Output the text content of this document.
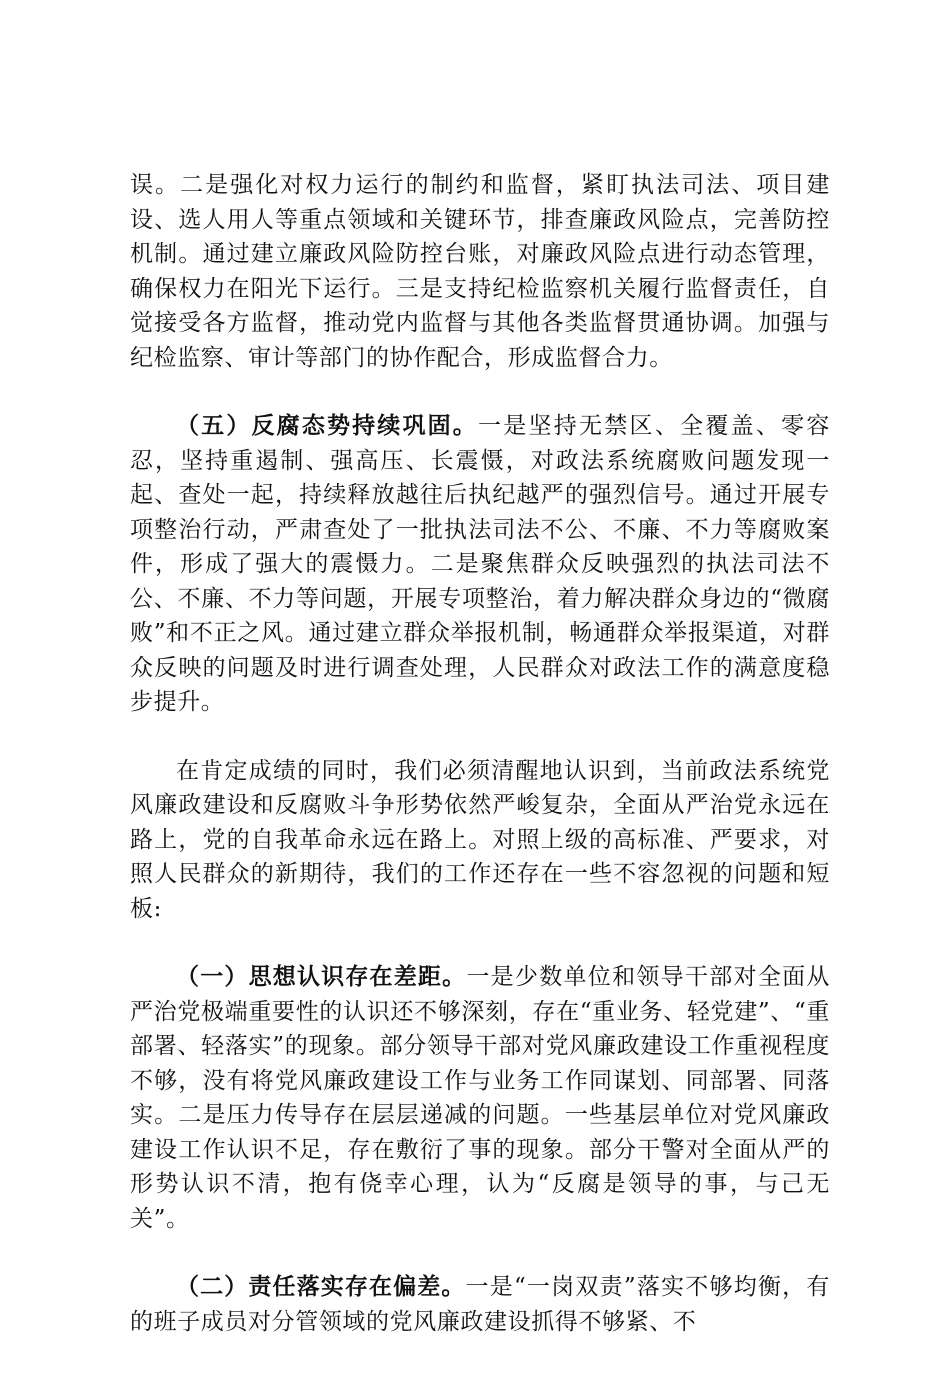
误。二是强化对权力运行的制约和监督，紧盯执法司法、项目建设、选人用人等重点领域和关键环节，排查廉政风险点，完善防控机制。通过建立廉政风险防控台账，对廉政风险点进行动态管理，确保权力在阳光下运行。三是支持纪检监察机关履行监督责任，自觉接受各方监督，推动党内监督与其他各类监督贯通协调。加强与纪检监察、审计等部门的协作配合，形成监督合力。

（五）反腐态势持续巩固。一是坚持无禁区、全覆盖、零容忍，坚持重遏制、强高压、长震慑，对政法系统腐败问题发现一起、查处一起，持续释放越往后执纪越严的强烈信号。通过开展专项整治行动，严肃查处了一批执法司法不公、不廉、不力等腐败案件，形成了强大的震慑力。二是聚焦群众反映强烈的执法司法不公、不廉、不力等问题，开展专项整治，着力解决群众身边的“微腐败”和不正之风。通过建立群众举报机制，畅通群众举报渠道，对群众反映的问题及时进行调查处理，人民群众对政法工作的满意度稳步提升。

在肯定成绩的同时，我们必须清醒地认识到，当前政法系统党风廉政建设和反腐败斗争形势依然严峻复杂，全面从严治党永远在路上，党的自我革命永远在路上。对照上级的高标准、严要求，对照人民群众的新期待，我们的工作还存在一些不容忽视的问题和短板:

（一）思想认识存在差距。一是少数单位和领导干部对全面从严治党极端重要性的认识还不够深刻，存在“重业务、轻党建”、“重部署、轻落实”的现象。部分领导干部对党风廉政建设工作重视程度不够，没有将党风廉政建设工作与业务工作同谋划、同部署、同落实。二是压力传导存在层层递减的问题。一些基层单位对党风廉政建设工作认识不足，存在敷衍了事的现象。部分干警对全面从严的形势认识不清，抱有侥幸心理，认为“反腐是领导的事，与己无关”。

（二）责任落实存在偏差。一是“一岗双责”落实不够均衡，有的班子成员对分管领域的党风廉政建设抓得不够紧、不
